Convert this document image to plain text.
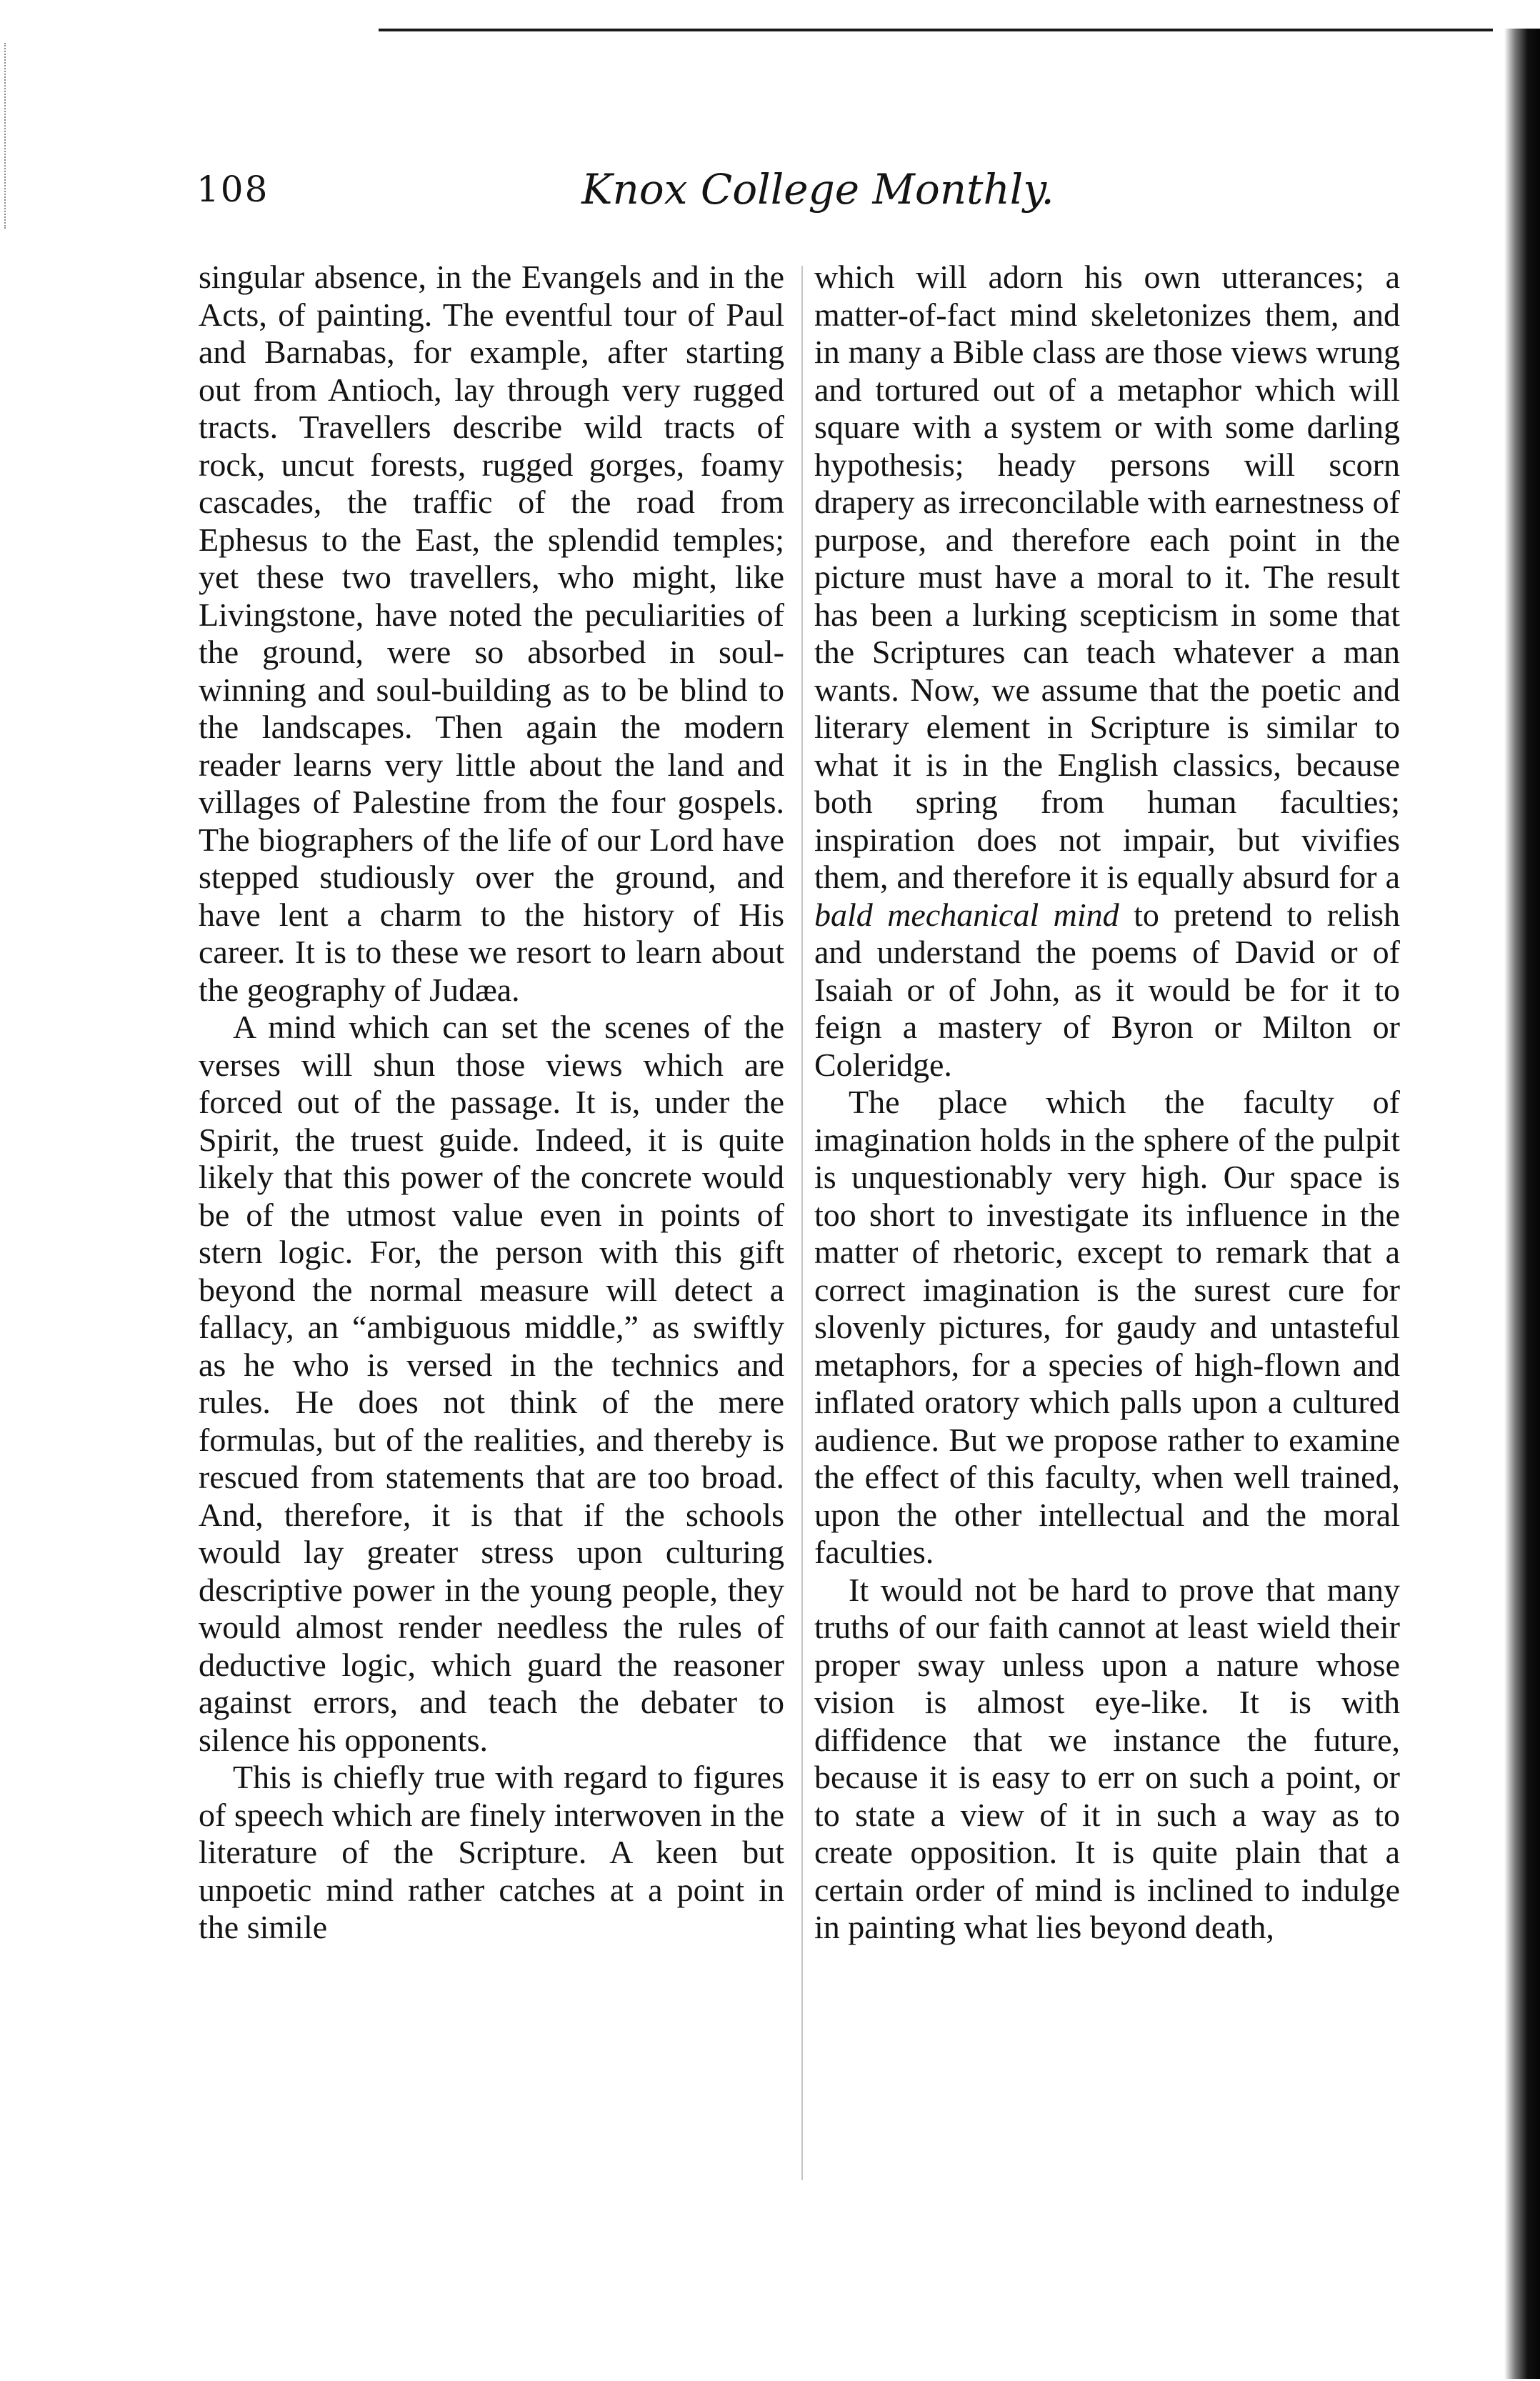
108	Knox College Monthly.

singular absence, in the Evangels and in the Acts, of painting. The eventful tour of Paul and Barnabas, for example, after starting out from Antioch, lay through very rugged tracts. Travellers describe wild tracts of rock, uncut forests, rugged gorges, foamy cascades, the traffic of the road from Ephesus to the East, the splendid temples; yet these two travellers, who might, like Livingstone, have noted the peculiarities of the ground, were so absorbed in soul-winning and soul-building as to be blind to the landscapes. Then again the modern reader learns very little about the land and villages of Palestine from the four gospels. The biographers of the life of our Lord have stepped studiously over the ground, and have lent a charm to the history of His career. It is to these we resort to learn about the geography of Judæa.

A mind which can set the scenes of the verses will shun those views which are forced out of the passage. It is, under the Spirit, the truest guide. Indeed, it is quite likely that this power of the concrete would be of the utmost value even in points of stern logic. For, the person with this gift beyond the normal measure will detect a fallacy, an “ambiguous middle,” as swiftly as he who is versed in the technics and rules. He does not think of the mere formulas, but of the realities, and thereby is rescued from statements that are too broad. And, therefore, it is that if the schools would lay greater stress upon culturing descriptive power in the young people, they would almost render needless the rules of deductive logic, which guard the reasoner against errors, and teach the debater to silence his opponents.

This is chiefly true with regard to figures of speech which are finely interwoven in the literature of the Scripture. A keen but unpoetic mind rather catches at a point in the simile

which will adorn his own utterances; a matter-of-fact mind skeletonizes them, and in many a Bible class are those views wrung and tortured out of a metaphor which will square with a system or with some darling hypothesis; heady persons will scorn drapery as irreconcilable with earnestness of purpose, and therefore each point in the picture must have a moral to it. The result has been a lurking scepticism in some that the Scriptures can teach whatever a man wants. Now, we assume that the poetic and literary element in Scripture is similar to what it is in the English classics, because both spring from human faculties; inspiration does not impair, but vivifies them, and therefore it is equally absurd for a bald mechanical mind to pretend to relish and understand the poems of David or of Isaiah or of John, as it would be for it to feign a mastery of Byron or Milton or Coleridge.

The place which the faculty of imagination holds in the sphere of the pulpit is unquestionably very high. Our space is too short to investigate its influence in the matter of rhetoric, except to remark that a correct imagination is the surest cure for slovenly pictures, for gaudy and untasteful metaphors, for a species of high-flown and inflated oratory which palls upon a cultured audience. But we propose rather to examine the effect of this faculty, when well trained, upon the other intellectual and the moral faculties.

It would not be hard to prove that many truths of our faith cannot at least wield their proper sway unless upon a nature whose vision is almost eye-like. It is with diffidence that we instance the future, because it is easy to err on such a point, or to state a view of it in such a way as to create opposition. It is quite plain that a certain order of mind is inclined to indulge in painting what lies beyond death,
